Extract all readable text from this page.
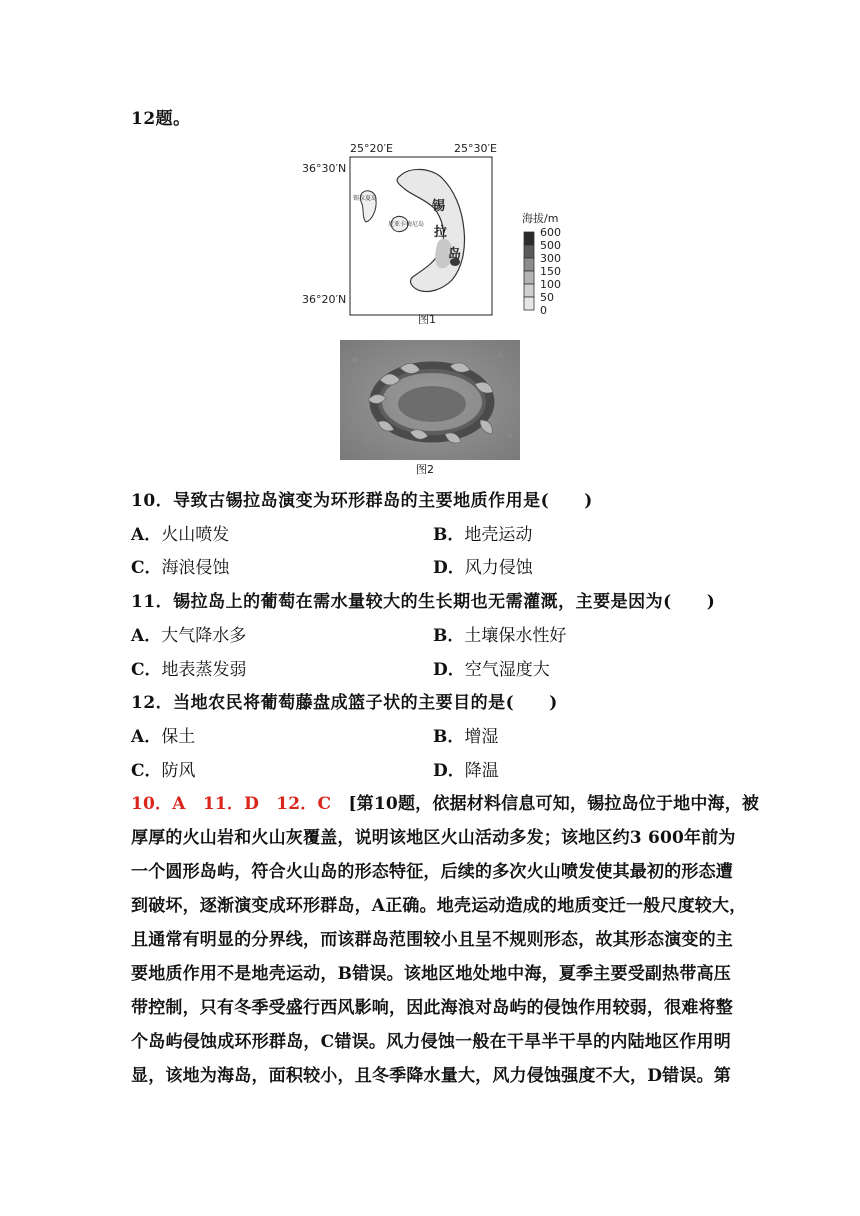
12题。
25°20′E	25°30′E
36°30′N
36°20′N
锡拉夏岛
尼亚卡梅尼岛
锡
拉
岛
海拔/m
600
500
300
150
100
50
0
图1
图2
10．导致古锡拉岛演变为环形群岛的主要地质作用是(　　)
A．火山喷发	B．地壳运动
C．海浪侵蚀	D．风力侵蚀
11．锡拉岛上的葡萄在需水量较大的生长期也无需灌溉，主要是因为(　　)
A．大气降水多	B．土壤保水性好
C．地表蒸发弱	D．空气湿度大
12．当地农民将葡萄藤盘成篮子状的主要目的是(　　)
A．保土	B．增湿
C．防风	D．降温
10．A　11．D　12．C　 [第10题，依据材料信息可知，锡拉岛位于地中海，被
厚厚的火山岩和火山灰覆盖，说明该地区火山活动多发；该地区约3 600年前为
一个圆形岛屿，符合火山岛的形态特征，后续的多次火山喷发使其最初的形态遭
到破坏，逐渐演变成环形群岛，A正确。地壳运动造成的地质变迁一般尺度较大，
且通常有明显的分界线，而该群岛范围较小且呈不规则形态，故其形态演变的主
要地质作用不是地壳运动，B错误。该地区地处地中海，夏季主要受副热带高压
带控制，只有冬季受盛行西风影响，因此海浪对岛屿的侵蚀作用较弱，很难将整
个岛屿侵蚀成环形群岛，C错误。风力侵蚀一般在干旱半干旱的内陆地区作用明
显，该地为海岛，面积较小，且冬季降水量大，风力侵蚀强度不大，D错误。第
